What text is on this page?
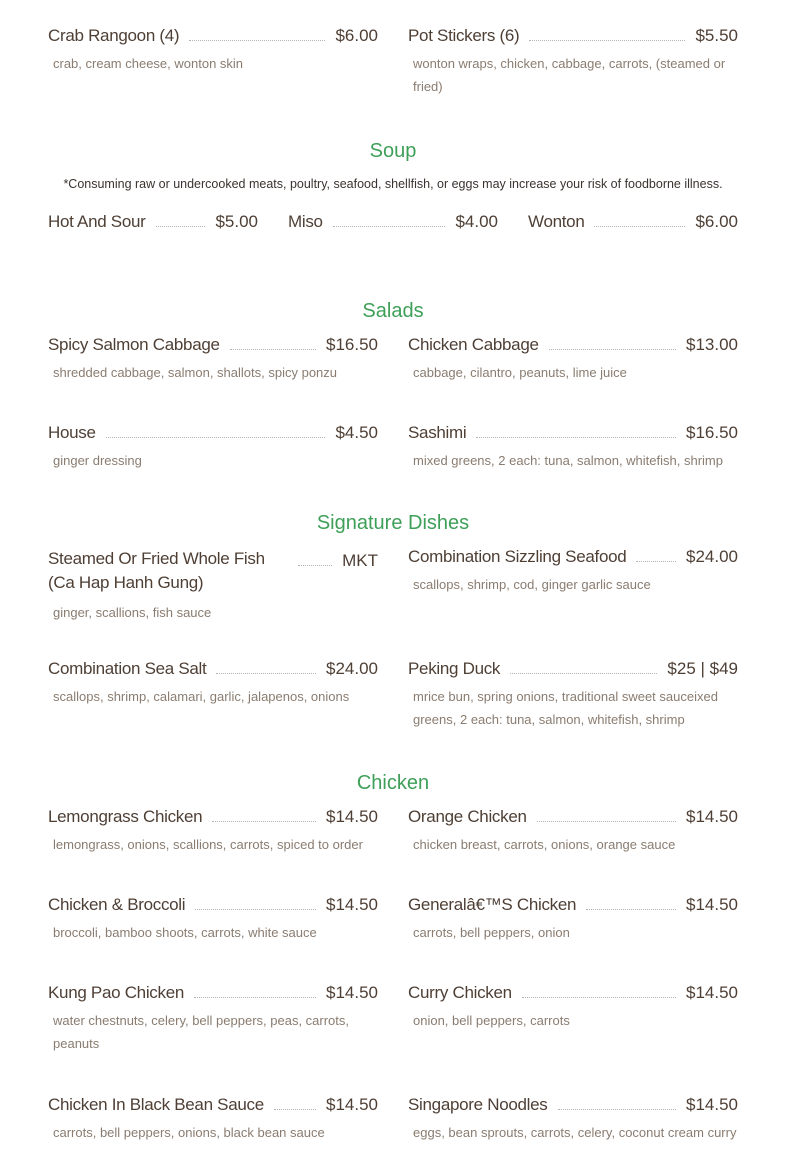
Crab Rangoon (4)	$6.00
crab, cream cheese, wonton skin
Pot Stickers (6)	$5.50
wonton wraps, chicken, cabbage, carrots, (steamed or fried)
Soup
*Consuming raw or undercooked meats, poultry, seafood, shellfish, or eggs may increase your risk of foodborne illness.
Hot And Sour	$5.00 Miso	$4.00 Wonton	$6.00
Salads
Spicy Salmon Cabbage	$16.50
shredded cabbage, salmon, shallots, spicy ponzu
Chicken Cabbage	$13.00
cabbage, cilantro, peanuts, lime juice
House	$4.50
ginger dressing
Sashimi	$16.50
mixed greens, 2 each: tuna, salmon, whitefish, shrimp
Signature Dishes
Steamed Or Fried Whole Fish (Ca Hap Hanh Gung)
MKT
ginger, scallions, fish sauce
Combination Sizzling Seafood	$24.00
scallops, shrimp, cod, ginger garlic sauce
Combination Sea Salt	$24.00
scallops, shrimp, calamari, garlic, jalapenos, onions
Peking Duck	$25 | $49
mrice bun, spring onions, traditional sweet sauceixed greens, 2 each: tuna, salmon, whitefish, shrimp
Chicken
Lemongrass Chicken	$14.50
lemongrass, onions, scallions, carrots, spiced to order
Orange Chicken	$14.50
chicken breast, carrots, onions, orange sauce
Chicken & Broccoli	$14.50
broccoli, bamboo shoots, carrots, white sauce
Generalâ€™S Chicken	$14.50
carrots, bell peppers, onion
Kung Pao Chicken	$14.50
water chestnuts, celery, bell peppers, peas, carrots, peanuts
Curry Chicken	$14.50
onion, bell peppers, carrots
Chicken In Black Bean Sauce	$14.50
carrots, bell peppers, onions, black bean sauce
Singapore Noodles	$14.50
eggs, bean sprouts, carrots, celery, coconut cream curry
